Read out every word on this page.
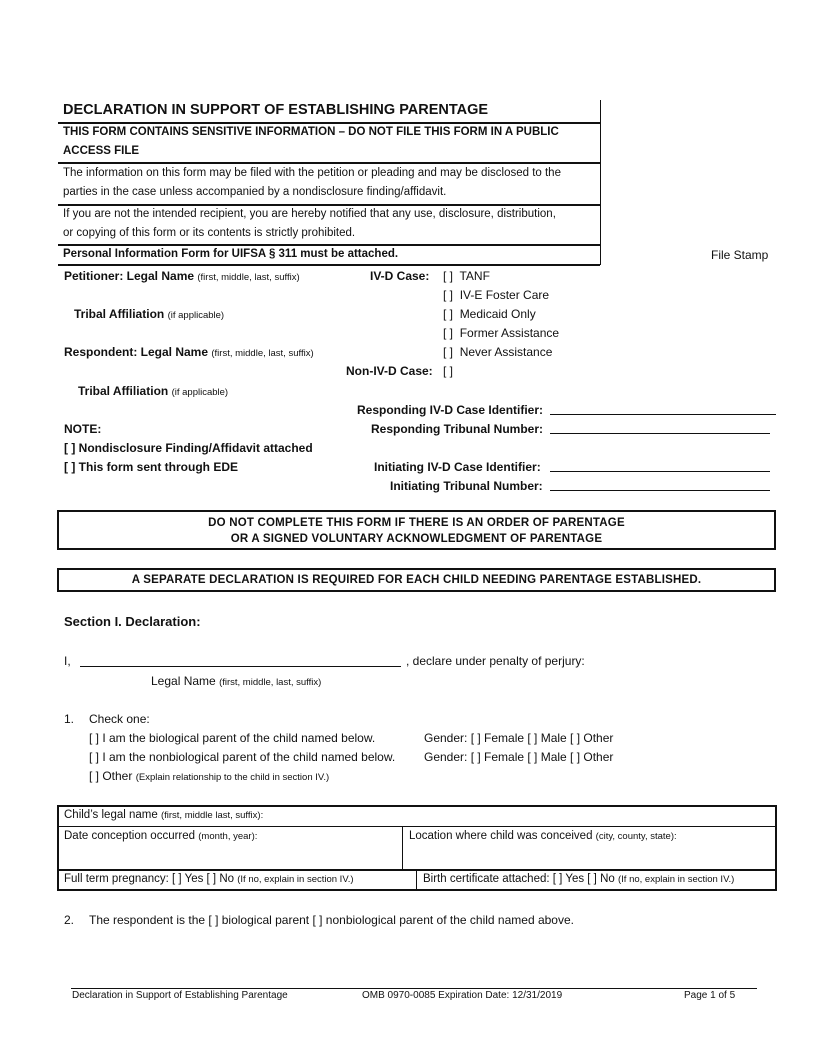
DECLARATION IN SUPPORT OF ESTABLISHING PARENTAGE
THIS FORM CONTAINS SENSITIVE INFORMATION – DO NOT FILE THIS FORM IN A PUBLIC
ACCESS FILE
The information on this form may be filed with the petition or pleading and may be disclosed to the
parties in the case unless accompanied by a nondisclosure finding/affidavit.
If you are not the intended recipient, you are hereby notified that any use, disclosure, distribution,
or copying of this form or its contents is strictly prohibited.
Personal Information Form for UIFSA § 311 must be attached.	File Stamp
Petitioner: Legal Name (first, middle, last, suffix)
Tribal Affiliation (if applicable)
Respondent: Legal Name (first, middle, last, suffix)
Tribal Affiliation (if applicable)
IV-D Case: [ ] TANF
[ ] IV-E Foster Care
[ ] Medicaid Only
[ ] Former Assistance
[ ] Never Assistance
Non-IV-D Case: [ ]
Responding IV-D Case Identifier:
Responding Tribunal Number:
Initiating IV-D Case Identifier:
Initiating Tribunal Number:
NOTE:
[ ] Nondisclosure Finding/Affidavit attached
[ ] This form sent through EDE
DO NOT COMPLETE THIS FORM IF THERE IS AN ORDER OF PARENTAGE
OR A SIGNED VOLUNTARY ACKNOWLEDGMENT OF PARENTAGE
A SEPARATE DECLARATION IS REQUIRED FOR EACH CHILD NEEDING PARENTAGE ESTABLISHED.
Section I. Declaration:
I,	, declare under penalty of perjury:
Legal Name (first, middle, last, suffix)
1. Check one:
[ ] I am the biological parent of the child named below.	Gender: [ ] Female [ ] Male [ ] Other
[ ] I am the nonbiological parent of the child named below. Gender: [ ] Female [ ] Male [ ] Other
[ ] Other (Explain relationship to the child in section IV.)
Child’s legal name (first, middle last, suffix):
Date conception occurred (month, year):	Location where child was conceived (city, county, state):
Full term pregnancy: [ ] Yes [ ] No (If no, explain in section IV.)	Birth certificate attached: [ ] Yes [ ] No (If no, explain in section IV.)
2. The respondent is the [ ] biological parent [ ] nonbiological parent of the child named above.
Declaration in Support of Establishing Parentage	OMB 0970-0085 Expiration Date: 12/31/2019	Page 1 of 5
